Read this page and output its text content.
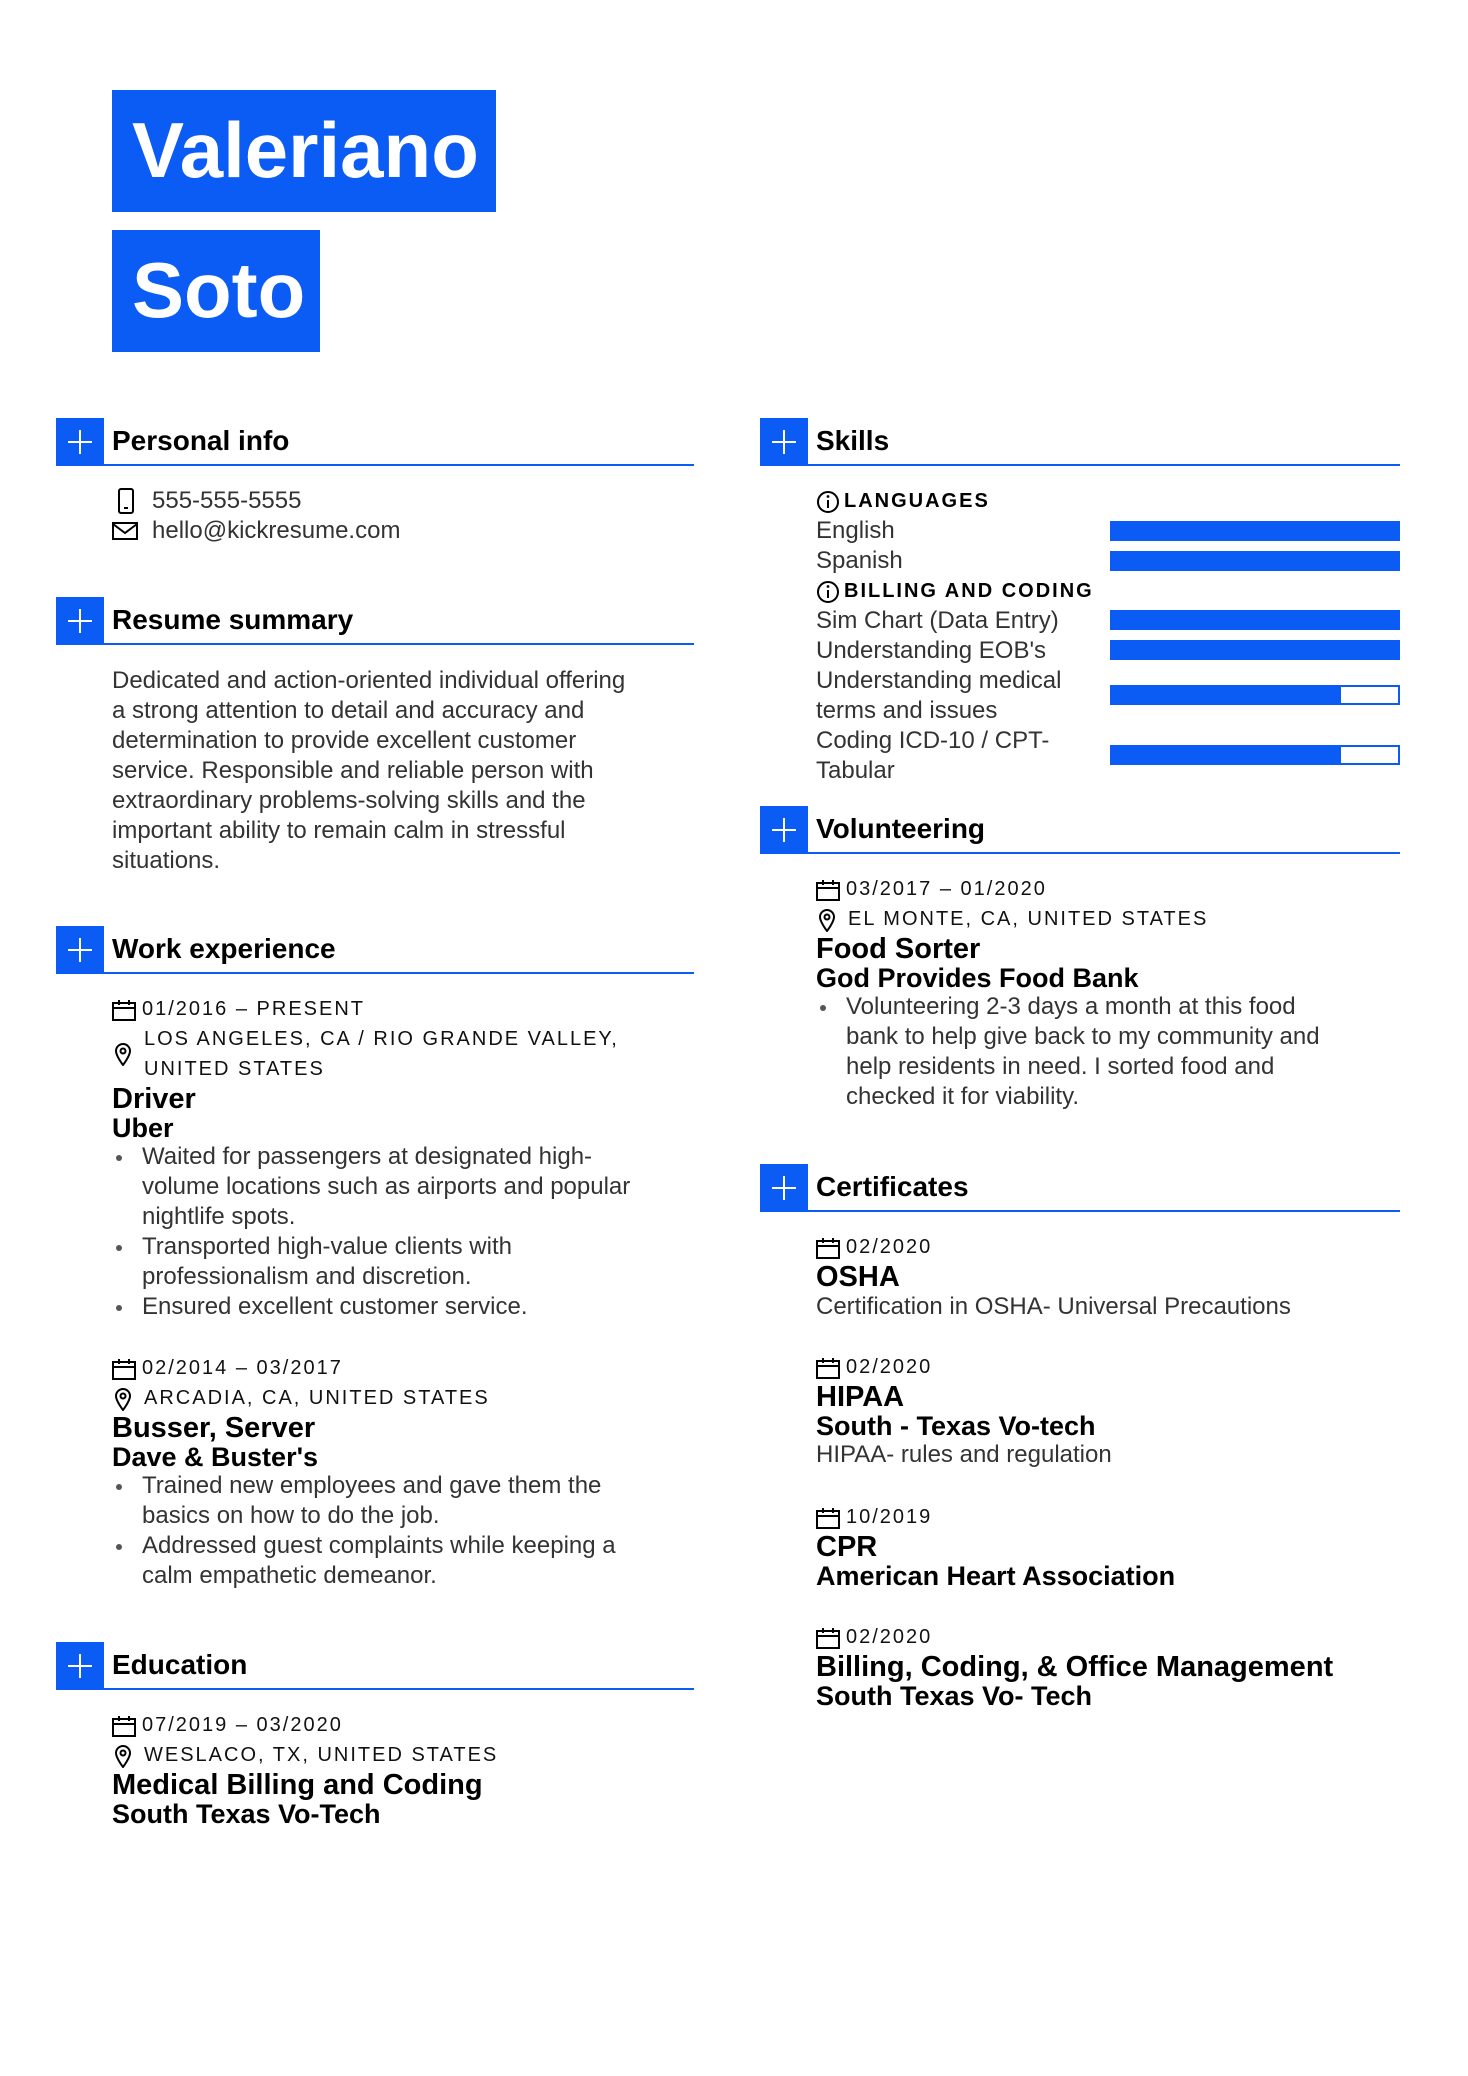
Valeriano
Soto
Personal info
555-555-5555
hello@kickresume.com
Resume summary
Dedicated and action-oriented individual offering
a strong attention to detail and accuracy and
determination to provide excellent customer
service. Responsible and reliable person with
extraordinary problems-solving skills and the
important ability to remain calm in stressful
situations.
Work experience
01/2016 – PRESENT
LOS ANGELES, CA / RIO GRANDE VALLEY,
UNITED STATES
Driver
Uber
Waited for passengers at designated high-
volume locations such as airports and popular
nightlife spots.
Transported high-value clients with
professionalism and discretion.
Ensured excellent customer service.
02/2014 – 03/2017
ARCADIA, CA, UNITED STATES
Busser, Server
Dave & Buster's
Trained new employees and gave them the
basics on how to do the job.
Addressed guest complaints while keeping a
calm empathetic demeanor.
Education
07/2019 – 03/2020
WESLACO, TX, UNITED STATES
Medical Billing and Coding
South Texas Vo-Tech
Skills
LANGUAGES
English
Spanish
BILLING AND CODING
Sim Chart (Data Entry)
Understanding EOB's
Understanding medical
terms and issues
Coding ICD-10 / CPT-
Tabular
Volunteering
03/2017 – 01/2020
EL MONTE, CA, UNITED STATES
Food Sorter
God Provides Food Bank
Volunteering 2-3 days a month at this food
bank to help give back to my community and
help residents in need. I sorted food and
checked it for viability.
Certificates
02/2020
OSHA
Certification in OSHA- Universal Precautions
02/2020
HIPAA
South - Texas Vo-tech
HIPAA- rules and regulation
10/2019
CPR
American Heart Association
02/2020
Billing, Coding, & Office Management
South Texas Vo- Tech
